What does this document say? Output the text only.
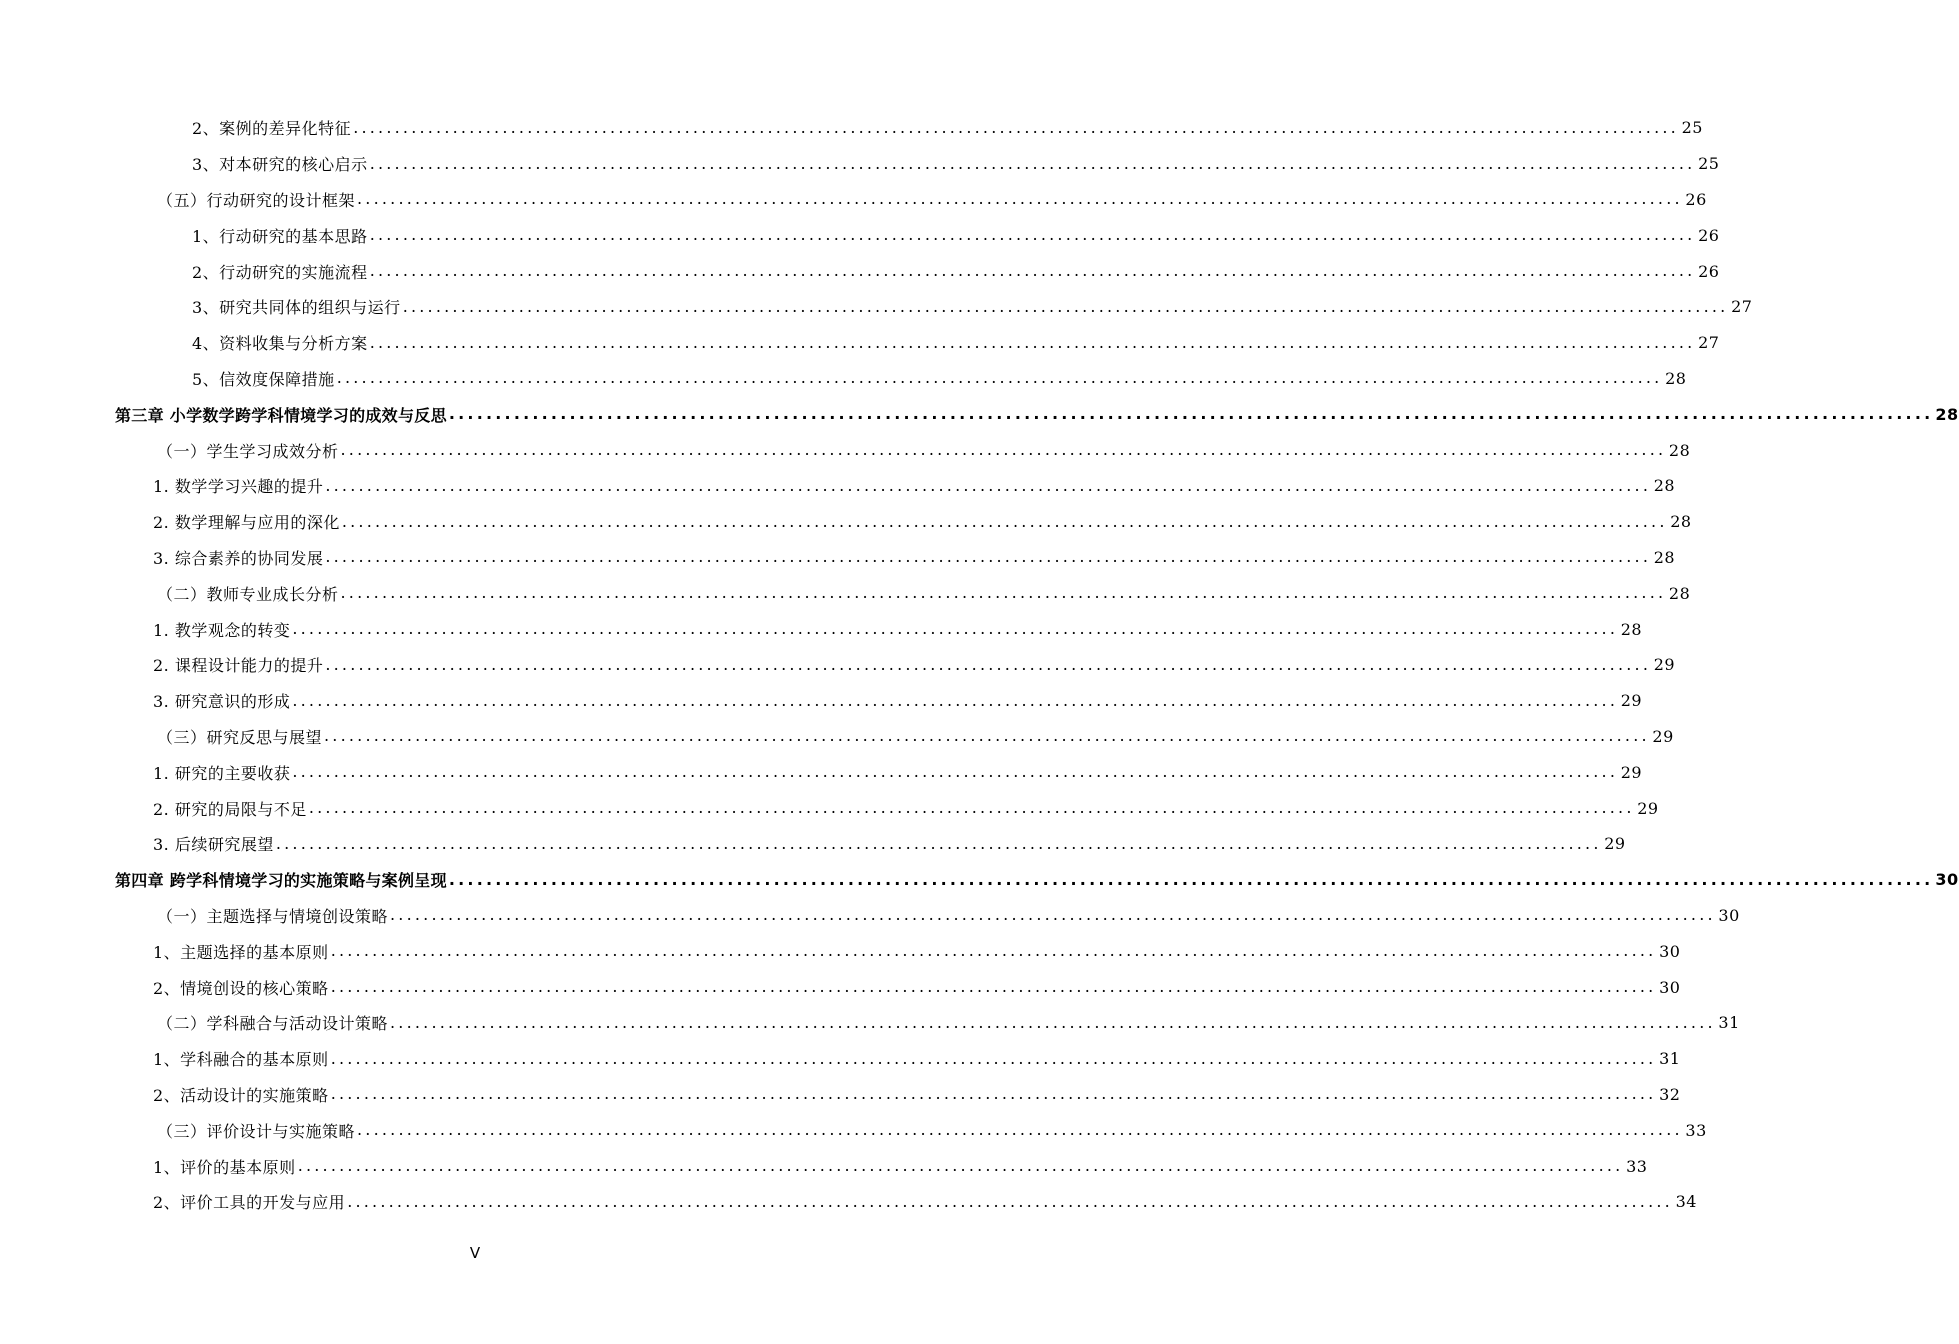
2、案例的差异化特征 ................................................................................................................................................................ 25
3、对本研究的核心启示 ................................................................................................................................................................ 25
（五）行动研究的设计框架 ................................................................................................................................................................ 26
1、行动研究的基本思路 ................................................................................................................................................................ 26
2、行动研究的实施流程 ................................................................................................................................................................ 26
3、研究共同体的组织与运行 ................................................................................................................................................................ 27
4、资料收集与分析方案 ................................................................................................................................................................ 27
5、信效度保障措施 ................................................................................................................................................................ 28
第三章 小学数学跨学科情境学习的成效与反思 ................................................................................................................................................................ 28
（一）学生学习成效分析 ................................................................................................................................................................ 28
1. 数学学习兴趣的提升 ................................................................................................................................................................ 28
2. 数学理解与应用的深化 ................................................................................................................................................................ 28
3. 综合素养的协同发展 ................................................................................................................................................................ 28
（二）教师专业成长分析 ................................................................................................................................................................ 28
1. 教学观念的转变 ................................................................................................................................................................ 28
2. 课程设计能力的提升 ................................................................................................................................................................ 29
3. 研究意识的形成 ................................................................................................................................................................ 29
（三）研究反思与展望 ................................................................................................................................................................ 29
1. 研究的主要收获 ................................................................................................................................................................ 29
2. 研究的局限与不足 ................................................................................................................................................................ 29
3. 后续研究展望 ................................................................................................................................................................ 29
第四章 跨学科情境学习的实施策略与案例呈现 ................................................................................................................................................................ 30
（一）主题选择与情境创设策略 ................................................................................................................................................................ 30
1、主题选择的基本原则 ................................................................................................................................................................ 30
2、情境创设的核心策略 ................................................................................................................................................................ 30
（二）学科融合与活动设计策略 ................................................................................................................................................................ 31
1、学科融合的基本原则 ................................................................................................................................................................ 31
2、活动设计的实施策略 ................................................................................................................................................................ 32
（三）评价设计与实施策略 ................................................................................................................................................................ 33
1、评价的基本原则 ................................................................................................................................................................ 33
2、评价工具的开发与应用 ................................................................................................................................................................ 34
V
